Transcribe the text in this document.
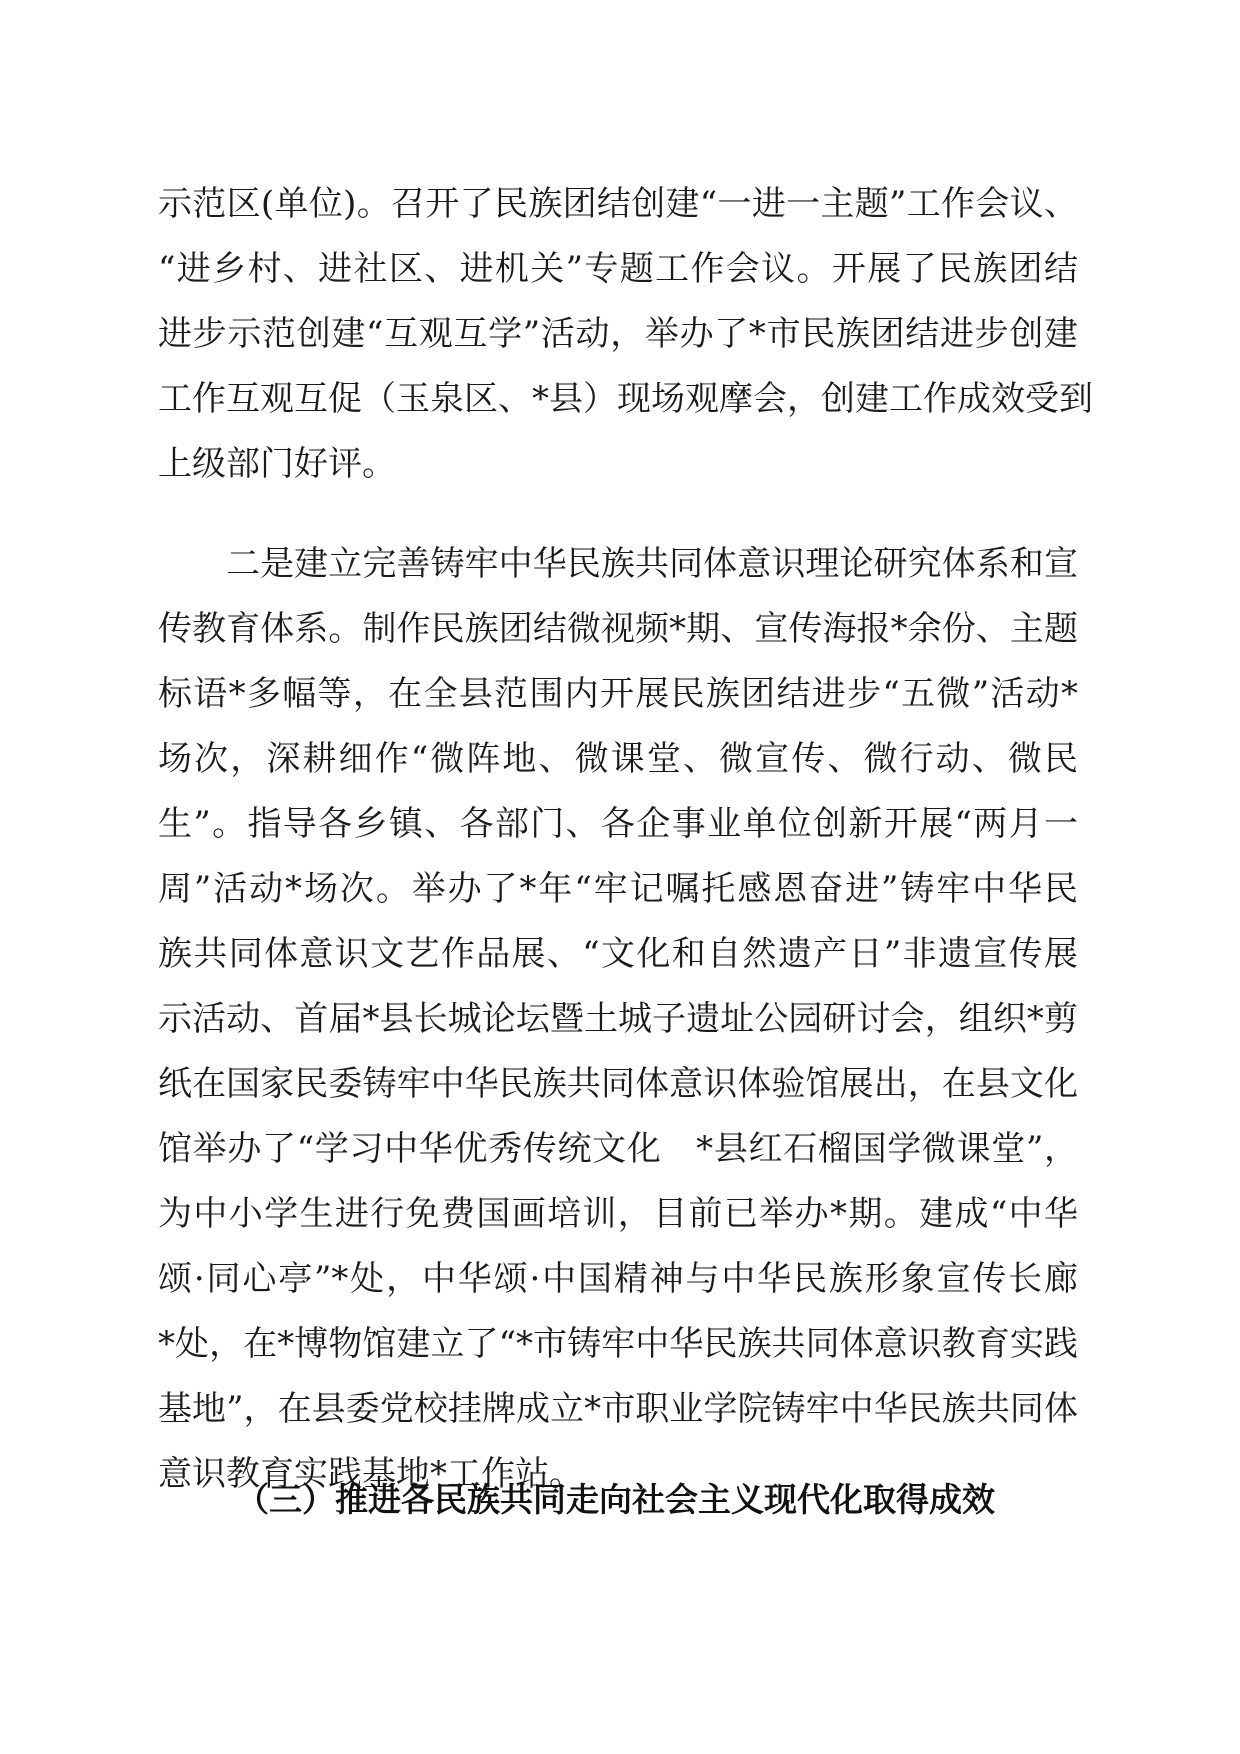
示范区(单位)。召开了民族团结创建“一进一主题”工作会议、
“进乡村、进社区、进机关”专题工作会议。开展了民族团结
进步示范创建“互观互学”活动，举办了*市民族团结进步创建
工作互观互促（玉泉区、*县）现场观摩会，创建工作成效受到
上级部门好评。
二是建立完善铸牢中华民族共同体意识理论研究体系和宣
传教育体系。制作民族团结微视频*期、宣传海报*余份、主题
标语*多幅等，在全县范围内开展民族团结进步“五微”活动*
场次，深耕细作“微阵地、微课堂、微宣传、微行动、微民
生”。指导各乡镇、各部门、各企事业单位创新开展“两月一
周”活动*场次。举办了*年“牢记嘱托感恩奋进”铸牢中华民
族共同体意识文艺作品展、“文化和自然遗产日”非遗宣传展
示活动、首届*县长城论坛暨土城子遗址公园研讨会，组织*剪
纸在国家民委铸牢中华民族共同体意识体验馆展出，在县文化
馆举办了“学习中华优秀传统文化　*县红石榴国学微课堂”，
为中小学生进行免费国画培训，目前已举办*期。建成“中华
颂·同心亭”*处，中华颂·中国精神与中华民族形象宣传长廊
*处，在*博物馆建立了“*市铸牢中华民族共同体意识教育实践
基地”，在县委党校挂牌成立*市职业学院铸牢中华民族共同体
意识教育实践基地*工作站。
（三）推进各民族共同走向社会主义现代化取得成效
